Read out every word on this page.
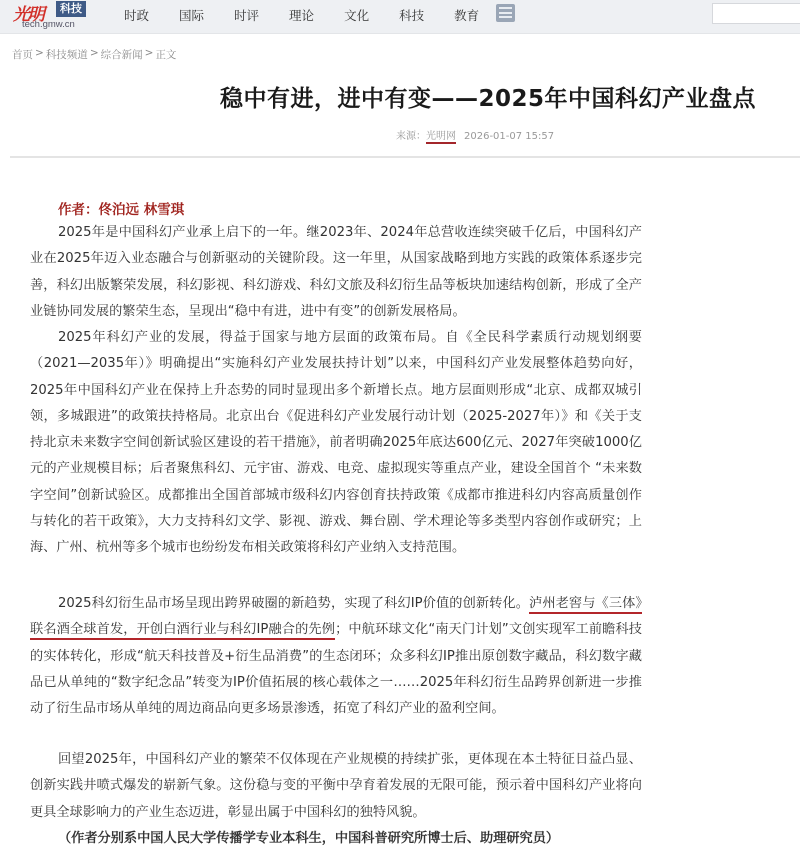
光明	科技
tech.gmw.cn
时政 国际 时评 理论 文化 科技 教育
首页 > 科技频道 > 综合新闻 > 正文
稳中有进，进中有变——2025年中国科幻产业盘点
来源：光明网 2026-01-07 15:57
作者：佟泊远 林雪琪

2025年是中国科幻产业承上启下的一年。继2023年、2024年总营收连续突破千亿后，中国科幻产业在2025年迈入业态融合与创新驱动的关键阶段。这一年里，从国家战略到地方实践的政策体系逐步完善，科幻出版繁荣发展，科幻影视、科幻游戏、科幻文旅及科幻衍生品等板块加速结构创新，形成了全产业链协同发展的繁荣生态，呈现出“稳中有进，进中有变”的创新发展格局。

2025年科幻产业的发展，得益于国家与地方层面的政策布局。自《全民科学素质行动规划纲要（2021—2035年）》明确提出“实施科幻产业发展扶持计划”以来，中国科幻产业发展整体趋势向好，2025年中国科幻产业在保持上升态势的同时显现出多个新增长点。地方层面则形成“北京、成都双城引领，多城跟进”的政策扶持格局。北京出台《促进科幻产业发展行动计划（2025-2027年）》和《关于支持北京未来数字空间创新试验区建设的若干措施》，前者明确2025年底达600亿元、2027年突破1000亿元的产业规模目标；后者聚焦科幻、元宇宙、游戏、电竞、虚拟现实等重点产业，建设全国首个 “未来数字空间”创新试验区。成都推出全国首部城市级科幻内容创育扶持政策《成都市推进科幻内容高质量创作与转化的若干政策》，大力支持科幻文学、影视、游戏、舞台剧、学术理论等多类型内容创作或研究；上海、广州、杭州等多个城市也纷纷发布相关政策将科幻产业纳入支持范围。

2025科幻衍生品市场呈现出跨界破圈的新趋势，实现了科幻IP价值的创新转化。泸州老窖与《三体》联名酒全球首发，开创白酒行业与科幻IP融合的先例；中航环球文化“南天门计划”文创实现军工前瞻科技的实体转化，形成“航天科技普及+衍生品消费”的生态闭环；众多科幻IP推出原创数字藏品，科幻数字藏品已从单纯的“数字纪念品”转变为IP价值拓展的核心载体之一……2025年科幻衍生品跨界创新进一步推动了衍生品市场从单纯的周边商品向更多场景渗透，拓宽了科幻产业的盈利空间。

回望2025年，中国科幻产业的繁荣不仅体现在产业规模的持续扩张，更体现在本土特征日益凸显、创新实践井喷式爆发的崭新气象。这份稳与变的平衡中孕育着发展的无限可能，预示着中国科幻产业将向更具全球影响力的产业生态迈进，彰显出属于中国科幻的独特风貌。

（作者分别系中国人民大学传播学专业本科生，中国科普研究所博士后、助理研究员）
